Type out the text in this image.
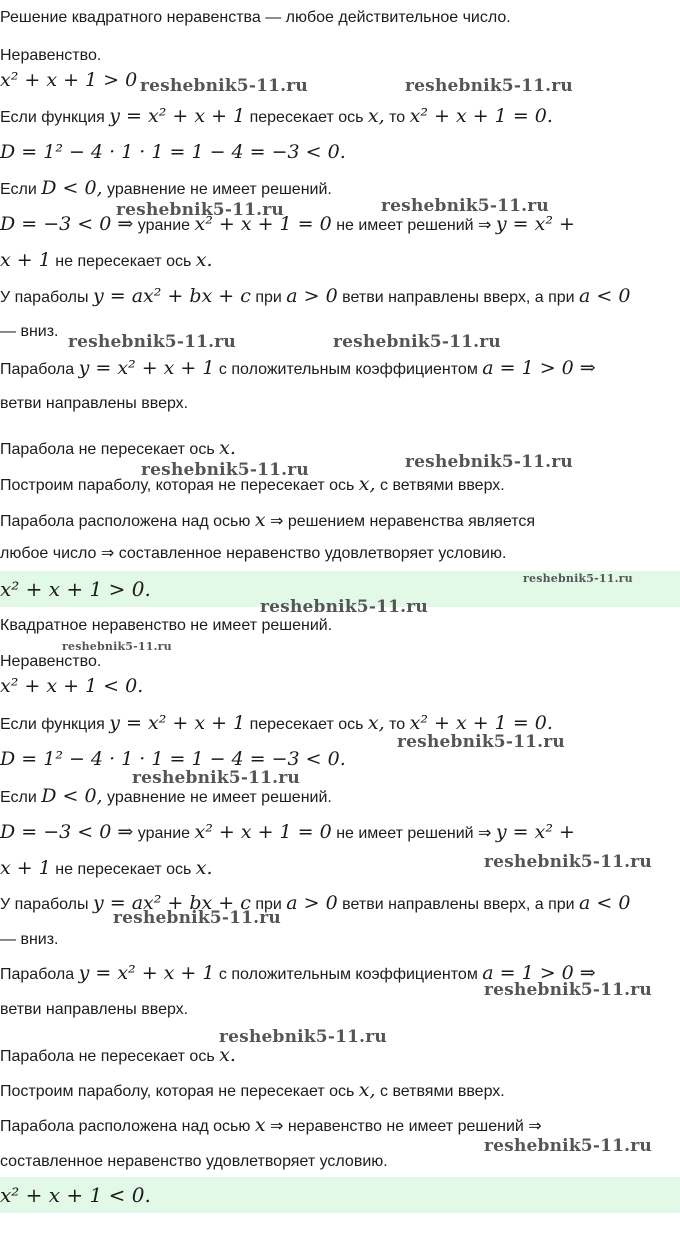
Решение квадратного неравенства — любое действительное число.
Неравенство.
x² + x + 1 > 0
Если функция y = x² + x + 1 пересекает ось x, то x² + x + 1 = 0.
D = 1² − 4 · 1 · 1 = 1 − 4 = −3 < 0.
Если D < 0, уравнение не имеет решений.
D = −3 < 0 ⇒ урание x² + x + 1 = 0 не имеет решений ⇒ y = x² +
x + 1 не пересекает ось x.
У параболы y = ax² + bx + c при a > 0 ветви направлены вверх, а при a < 0
— вниз.
Парабола y = x² + x + 1 с положительным коэффициентом a = 1 > 0 ⇒
ветви направлены вверх.
Парабола не пересекает ось x.
Построим параболу, которая не пересекает ось x, с ветвями вверх.
Парабола расположена над осью x ⇒ решением неравенства является
любое число ⇒ составленное неравенство удовлетворяет условию.
x² + x + 1 > 0.
Квадратное неравенство не имеет решений.
Неравенство.
x² + x + 1 < 0.
Если функция y = x² + x + 1 пересекает ось x, то x² + x + 1 = 0.
D = 1² − 4 · 1 · 1 = 1 − 4 = −3 < 0.
Если D < 0, уравнение не имеет решений.
D = −3 < 0 ⇒ урание x² + x + 1 = 0 не имеет решений ⇒ y = x² +
x + 1 не пересекает ось x.
У параболы y = ax² + bx + c при a > 0 ветви направлены вверх, а при a < 0
— вниз.
Парабола y = x² + x + 1 с положительным коэффициентом a = 1 > 0 ⇒
ветви направлены вверх.
Парабола не пересекает ось x.
Построим параболу, которая не пересекает ось x, с ветвями вверх.
Парабола расположена над осью x ⇒ неравенство не имеет решений ⇒
составленное неравенство удовлетворяет условию.
x² + x + 1 < 0.
reshebnik5-11.ru	reshebnik5-11.ru
reshebnik5-11.ru	reshebnik5-11.ru
reshebnik5-11.ru	reshebnik5-11.ru
reshebnik5-11.ru	reshebnik5-11.ru
reshebnik5-11.ru
reshebnik5-11.ru
reshebnik5-11.ru
reshebnik5-11.ru
reshebnik5-11.ru
reshebnik5-11.ru
reshebnik5-11.ru
reshebnik5-11.ru
reshebnik5-11.ru
reshebnik5-11.ru
